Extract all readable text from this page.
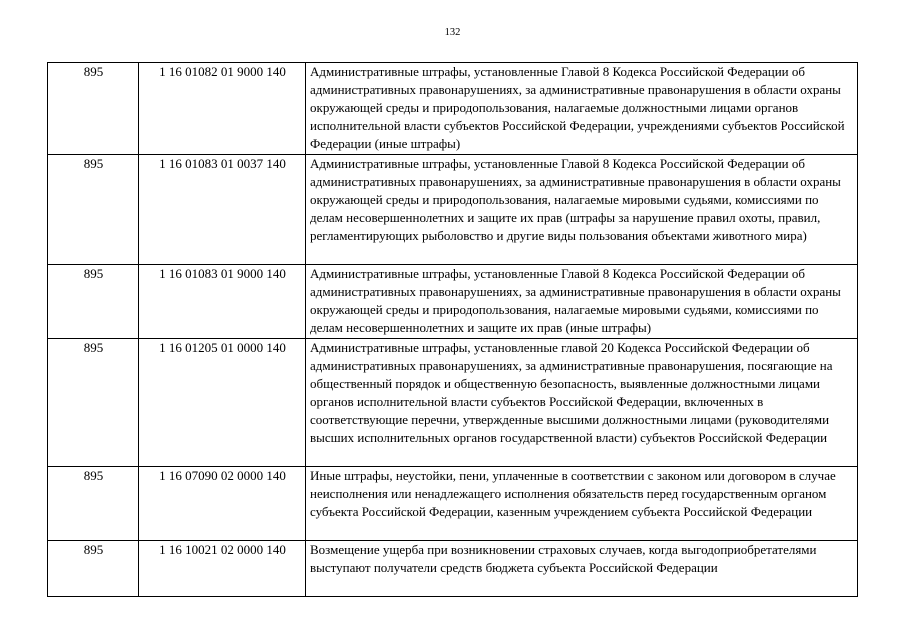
132
895	1 16 01082 01 9000 140	Административные штрафы, установленные Главой 8 Кодекса Российской Федерации об административных правонарушениях, за административные правонарушения в области охраны окружающей среды и природопользования, налагаемые должностными лицами органов исполнительной власти субъектов Российской Федерации, учреждениями субъектов Российской Федерации (иные штрафы)
895	1 16 01083 01 0037 140	Административные штрафы, установленные Главой 8 Кодекса Российской Федерации об административных правонарушениях, за административные правонарушения в области охраны окружающей среды и природопользования, налагаемые мировыми судьями, комиссиями по делам несовершеннолетних и защите их прав (штрафы за нарушение правил охоты, правил, регламентирующих рыболовство и другие виды пользования объектами животного мира)
895	1 16 01083 01 9000 140	Административные штрафы, установленные Главой 8 Кодекса Российской Федерации об административных правонарушениях, за административные правонарушения в области охраны окружающей среды и природопользования, налагаемые мировыми судьями, комиссиями по делам несовершеннолетних и защите их прав (иные штрафы)
895	1 16 01205 01 0000 140	Административные штрафы, установленные главой 20 Кодекса Российской Федерации об административных правонарушениях, за административные правонарушения, посягающие на общественный порядок и общественную безопасность, выявленные должностными лицами органов исполнительной власти субъектов Российской Федерации, включенных в соответствующие перечни, утвержденные высшими должностными лицами (руководителями высших исполнительных органов государственной власти) субъектов Российской Федерации
895	1 16 07090 02 0000 140	Иные штрафы, неустойки, пени, уплаченные в соответствии с законом или договором в случае неисполнения или ненадлежащего исполнения обязательств перед государственным органом субъекта Российской Федерации, казенным учреждением субъекта Российской Федерации
895	1 16 10021 02 0000 140	Возмещение ущерба при возникновении страховых случаев, когда выгодоприобретателями выступают получатели средств бюджета субъекта Российской Федерации
